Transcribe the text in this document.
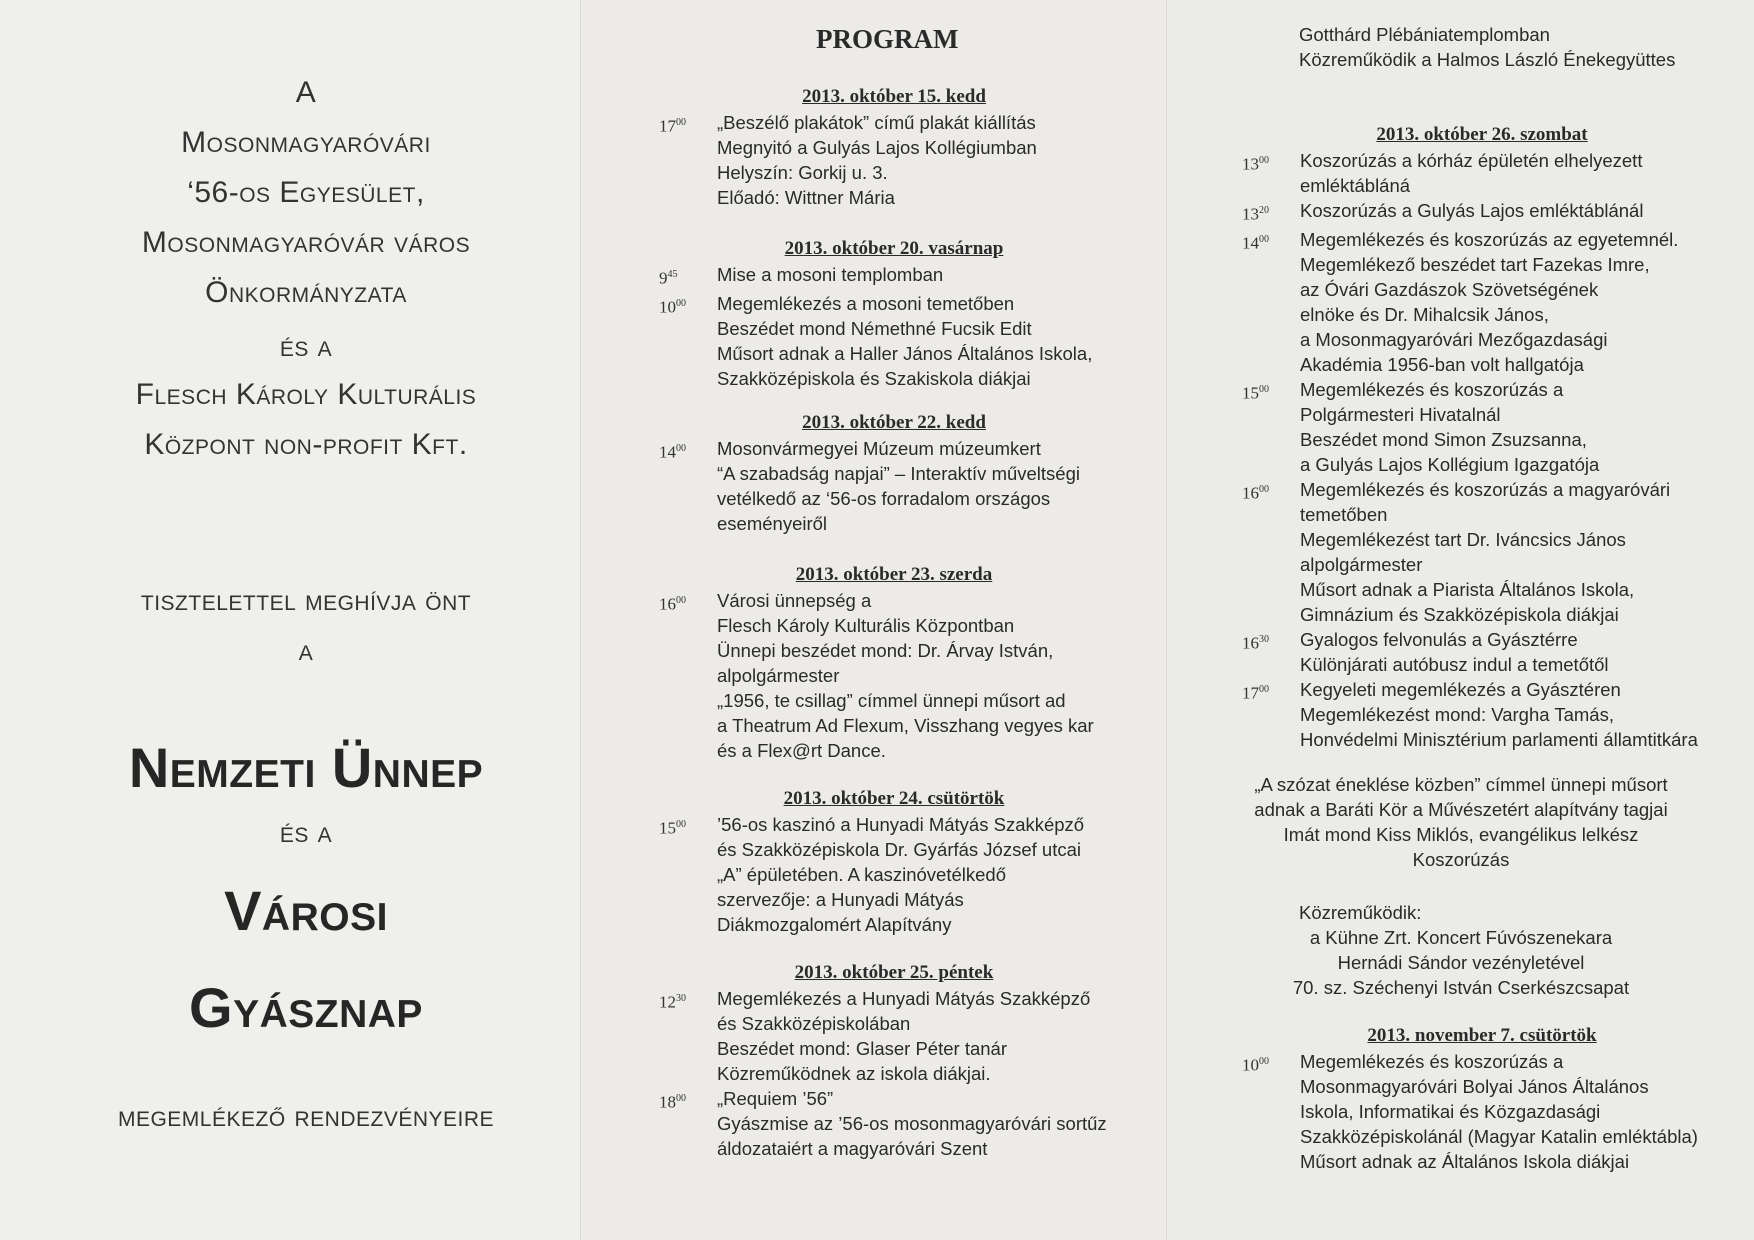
A
Mosonmagyaróvári
‘56-os Egyesület,
Mosonmagyaróvár város
Önkormányzata
és a
Flesch Károly Kulturális
Központ non-profit Kft.
tisztelettel meghívja önt
a
Nemzeti Ünnep
és a
Városi
Gyásznap
megemlékező rendezvényeire
PROGRAM
2013. október 15. kedd
$17^{00}$	„Beszélő plakátok” című plakát kiállítás
Megnyitó a Gulyás Lajos Kollégiumban
Helyszín: Gorkij u. 3.
Előadó: Wittner Mária
2013. október 20. vasárnap
$9^{45}$	Mise a mosoni templomban
$10^{00}$	Megemlékezés a mosoni temetőben
Beszédet mond Némethné Fucsik Edit
Műsort adnak a Haller János Általános Iskola,
Szakközépiskola és Szakiskola diákjai
2013. október 22. kedd
$14^{00}$	Mosonvármegyei Múzeum múzeumkert
“A szabadság napjai” – Interaktív műveltségi
vetélkedő az ‘56-os forradalom országos
eseményeiről
2013. október 23. szerda
$16^{00}$	Városi ünnepség a
Flesch Károly Kulturális Központban
Ünnepi beszédet mond: Dr. Árvay István,
alpolgármester
„1956, te csillag” címmel ünnepi műsort ad
a Theatrum Ad Flexum, Visszhang vegyes kar
és a Flex@rt Dance.
2013. október 24. csütörtök
$15^{00}$	’56-os kaszinó a Hunyadi Mátyás Szakképző
és Szakközépiskola Dr. Gyárfás József utcai
„A” épületében. A kaszinóvetélkedő
szervezője: a Hunyadi Mátyás
Diákmozgalomért Alapítvány
2013. október 25. péntek
$12^{30}$	Megemlékezés a Hunyadi Mátyás Szakképző
és Szakközépiskolában
Beszédet mond: Glaser Péter tanár
Közreműködnek az iskola diákjai.
$18^{00}$	„Requiem ’56”
Gyászmise az ’56-os mosonmagyaróvári sortűz
áldozataiért a magyaróvári Szent
Gotthárd Plébániatemplomban
Közreműködik a Halmos László Énekegyüttes
2013. október 26. szombat
$13^{00}$	Koszorúzás a kórház épületén elhelyezett
emléktábláná
$13^{20}$	Koszorúzás a Gulyás Lajos emléktáblánál
$14^{00}$	Megemlékezés és koszorúzás az egyetemnél.
Megemlékező beszédet tart Fazekas Imre,
az Óvári Gazdászok Szövetségének
elnöke és Dr. Mihalcsik János,
a Mosonmagyaróvári Mezőgazdasági
Akadémia 1956-ban volt hallgatója
$15^{00}$	Megemlékezés és koszorúzás a
Polgármesteri Hivatalnál
Beszédet mond Simon Zsuzsanna,
a Gulyás Lajos Kollégium Igazgatója
$16^{00}$	Megemlékezés és koszorúzás a magyaróvári
temetőben
Megemlékezést tart Dr. Iváncsics János
alpolgármester
Műsort adnak a Piarista Általános Iskola,
Gimnázium és Szakközépiskola diákjai
$16^{30}$	Gyalogos felvonulás a Gyásztérre
Különjárati autóbusz indul a temetőtől
$17^{00}$	Kegyeleti megemlékezés a Gyásztéren
Megemlékezést mond: Vargha Tamás,
Honvédelmi Minisztérium parlamenti államtitkára
„A szózat éneklése közben” címmel ünnepi műsort
adnak a Baráti Kör a Művészetért alapítvány tagjai
Imát mond Kiss Miklós, evangélikus lelkész
Koszorúzás
Közreműködik:
a Kühne Zrt. Koncert Fúvószenekara
Hernádi Sándor vezényletével
70. sz. Széchenyi István Cserkészcsapat
2013. november 7. csütörtök
$10^{00}$	Megemlékezés és koszorúzás a
Mosonmagyaróvári Bolyai János Általános
Iskola, Informatikai és Közgazdasági
Szakközépiskolánál (Magyar Katalin emléktábla)
Műsort adnak az Általános Iskola diákjai
